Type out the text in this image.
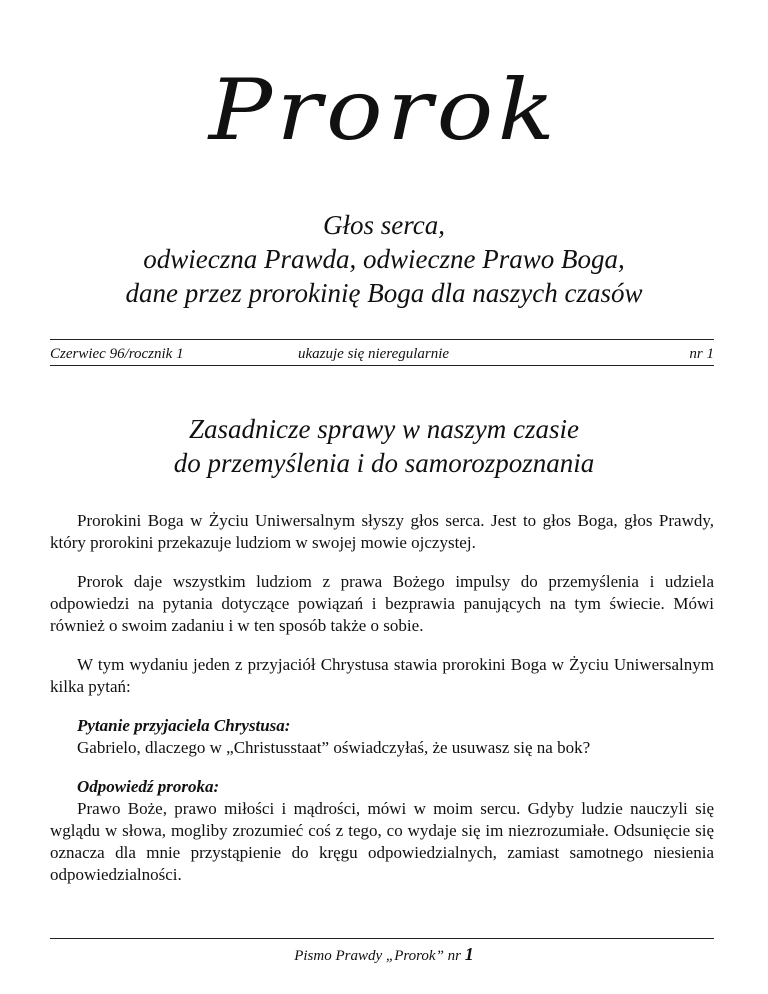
Prorok
Głos serca,
odwieczna Prawda, odwieczne Prawo Boga,
dane przez prorokinię Boga dla naszych czasów
Czerwiec 96/rocznik 1	ukazuje się nieregularnie	nr 1
Zasadnicze sprawy w naszym czasie
do przemyślenia i do samorozpoznania

Prorokini Boga w Życiu Uniwersalnym słyszy głos serca. Jest to głos Boga, głos Prawdy, który prorokini przekazuje ludziom w swojej mowie ojczystej.

Prorok daje wszystkim ludziom z prawa Bożego impulsy do przemyślenia i udziela odpowiedzi na pytania dotyczące powiązań i bezprawia panujących na tym świecie. Mówi również o swoim zadaniu i w ten sposób także o sobie.

W tym wydaniu jeden z przyjaciół Chrystusa stawia prorokini Boga w Życiu Uniwersalnym kilka pytań:

Pytanie przyjaciela Chrystusa:

Gabrielo, dlaczego w „Christusstaat” oświadczyłaś, że usuwasz się na bok?

Odpowiedź proroka:

Prawo Boże, prawo miłości i mądrości, mówi w moim sercu. Gdyby ludzie nauczyli się wglądu w słowa, mogliby zrozumieć coś z tego, co wydaje się im niezrozumiałe. Odsunięcie się oznacza dla mnie przystąpienie do kręgu odpowiedzialnych, zamiast samotnego niesienia odpowiedzialności.

Pismo Prawdy „Prorok” nr 1
